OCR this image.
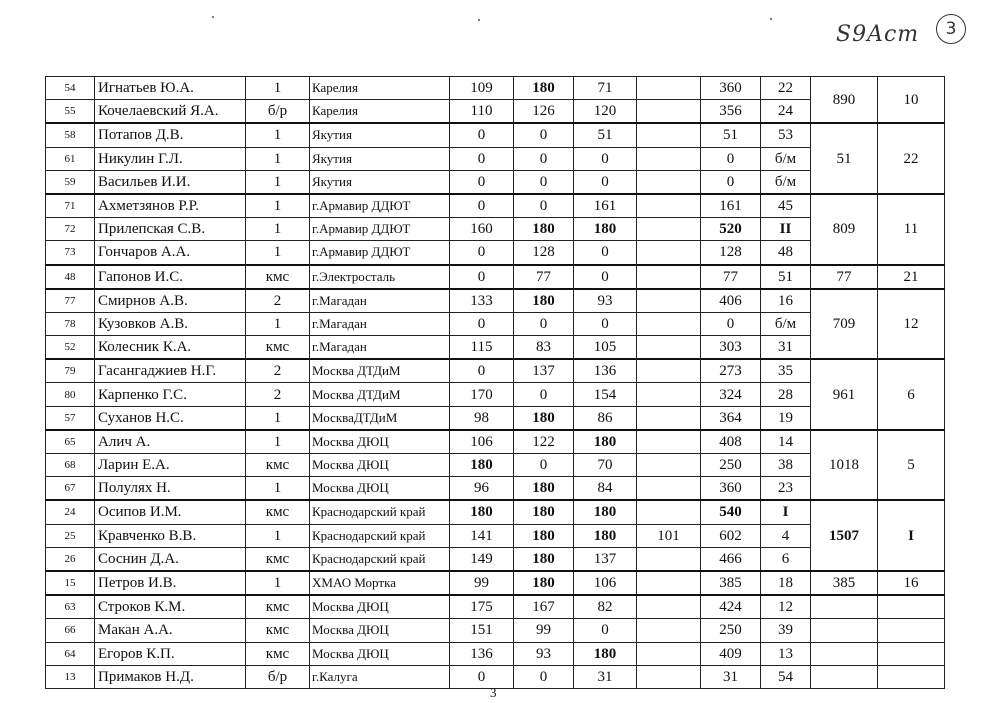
S9Aст	3
54	Игнатьев Ю.А.	1	Карелия	109	180	71		360	22	890	10
55	Кочелаевский Я.А.	б/р	Карелия	110	126	120		356	24		
58	Потапов Д.В.	1	Якутия	0	0	51		51	53	51	22
61	Никулин Г.Л.	1	Якутия	0	0	0		0	б/м		
59	Васильев И.И.	1	Якутия	0	0	0		0	б/м		
71	Ахметзянов Р.Р.	1	г.Армавир ДДЮТ	0	0	161		161	45	809	11
72	Прилепская С.В.	1	г.Армавир ДДЮТ	160	180	180		520	II		
73	Гончаров А.А.	1	г.Армавир ДДЮТ	0	128	0		128	48		
48	Гапонов И.С.	кмс	г.Электросталь	0	77	0		77	51	77	21
77	Смирнов А.В.	2	г.Магадан	133	180	93		406	16	709	12
78	Кузовков А.В.	1	г.Магадан	0	0	0		0	б/м		
52	Колесник К.А.	кмс	г.Магадан	115	83	105		303	31		
79	Гасангаджиев Н.Г.	2	Москва ДТДиМ	0	137	136		273	35	961	6
80	Карпенко Г.С.	2	Москва ДТДиМ	170	0	154		324	28		
57	Суханов Н.С.	1	МоскваДТДиМ	98	180	86		364	19		
65	Алич А.	1	Москва ДЮЦ	106	122	180		408	14	1018	5
68	Ларин Е.А.	кмс	Москва ДЮЦ	180	0	70		250	38		
67	Полулях Н.	1	Москва ДЮЦ	96	180	84		360	23		
24	Осипов И.М.	кмс	Краснодарский край	180	180	180		540	I	1507	I
25	Кравченко В.В.	1	Краснодарский край	141	180	180	101	602	4		
26	Соснин Д.А.	кмс	Краснодарский край	149	180	137		466	6		
15	Петров И.В.	1	ХМАО Мортка	99	180	106		385	18	385	16
63	Строков К.М.	кмс	Москва ДЮЦ	175	167	82		424	12		
66	Макан А.А.	кмс	Москва ДЮЦ	151	99	0		250	39		
64	Егоров К.П.	кмс	Москва ДЮЦ	136	93	180		409	13		
13	Примаков Н.Д.	б/р	г.Калуга	0	0	31		31	54		
3
